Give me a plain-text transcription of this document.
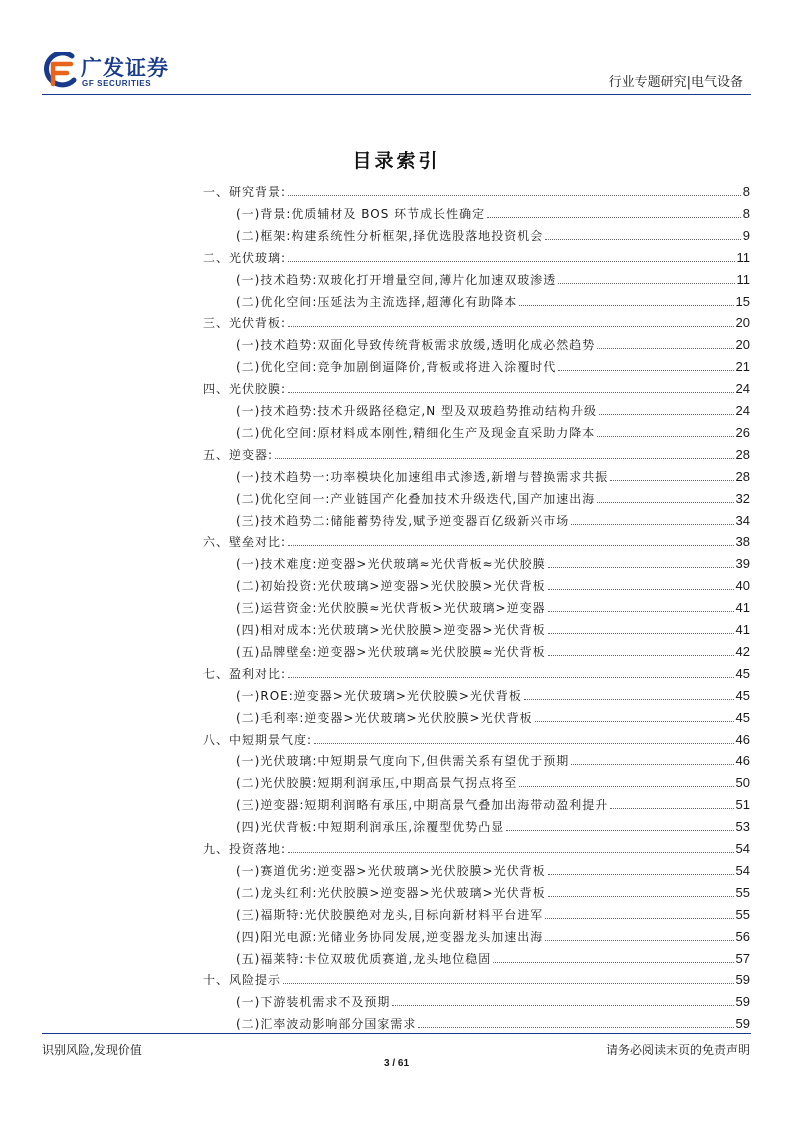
广发证券
GF SECURITIES	行业专题研究|电气设备
目录索引
一、研究背景:	8
(一)背景:优质辅材及 BOS 环节成长性确定	8
(二)框架:构建系统性分析框架,择优选股落地投资机会	9
二、光伏玻璃:	11
(一)技术趋势:双玻化打开增量空间,薄片化加速双玻渗透	11
(二)优化空间:压延法为主流选择,超薄化有助降本	15
三、光伏背板:	20
(一)技术趋势:双面化导致传统背板需求放缓,透明化成必然趋势	20
(二)优化空间:竞争加剧倒逼降价,背板或将进入涂覆时代	21
四、光伏胶膜:	24
(一)技术趋势:技术升级路径稳定,N 型及双玻趋势推动结构升级	24
(二)优化空间:原材料成本刚性,精细化生产及现金直采助力降本	26
五、逆变器:	28
(一)技术趋势一:功率模块化加速组串式渗透,新增与替换需求共振	28
(二)优化空间一:产业链国产化叠加技术升级迭代,国产加速出海	32
(三)技术趋势二:储能蓄势待发,赋予逆变器百亿级新兴市场	34
六、壁垒对比:	38
(一)技术难度:逆变器>光伏玻璃≈光伏背板≈光伏胶膜	39
(二)初始投资:光伏玻璃>逆变器>光伏胶膜>光伏背板	40
(三)运营资金:光伏胶膜≈光伏背板>光伏玻璃>逆变器	41
(四)相对成本:光伏玻璃>光伏胶膜>逆变器>光伏背板	41
(五)品牌壁垒:逆变器>光伏玻璃≈光伏胶膜≈光伏背板	42
七、盈利对比:	45
(一)ROE:逆变器>光伏玻璃>光伏胶膜>光伏背板	45
(二)毛利率:逆变器>光伏玻璃>光伏胶膜>光伏背板	45
八、中短期景气度:	46
(一)光伏玻璃:中短期景气度向下,但供需关系有望优于预期	46
(二)光伏胶膜:短期利润承压,中期高景气拐点将至	50
(三)逆变器:短期利润略有承压,中期高景气叠加出海带动盈利提升	51
(四)光伏背板:中短期利润承压,涂覆型优势凸显	53
九、投资落地:	54
(一)赛道优劣:逆变器>光伏玻璃>光伏胶膜>光伏背板	54
(二)龙头红利:光伏胶膜>逆变器>光伏玻璃>光伏背板	55
(三)福斯特:光伏胶膜绝对龙头,目标向新材料平台进军	55
(四)阳光电源:光储业务协同发展,逆变器龙头加速出海	56
(五)福莱特:卡位双玻优质赛道,龙头地位稳固	57
十、风险提示	59
(一)下游装机需求不及预期	59
(二)汇率波动影响部分国家需求	59
识别风险,发现价值	请务必阅读末页的免责声明
3 / 61
